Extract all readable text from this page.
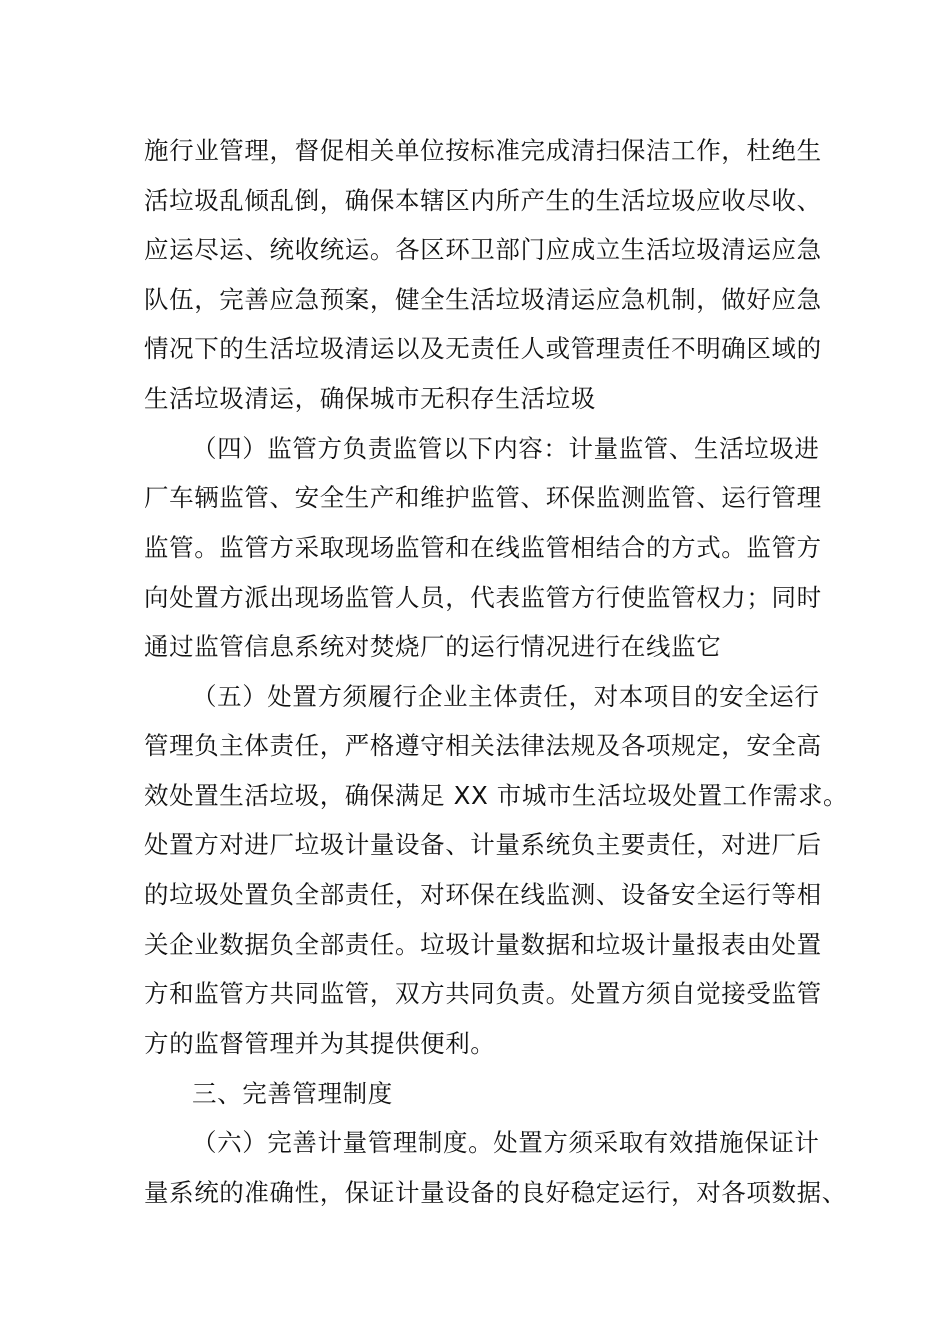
施行业管理，督促相关单位按标准完成清扫保洁工作，杜绝生
活垃圾乱倾乱倒，确保本辖区内所产生的生活垃圾应收尽收、
应运尽运、统收统运。各区环卫部门应成立生活垃圾清运应急
队伍，完善应急预案，健全生活垃圾清运应急机制，做好应急
情况下的生活垃圾清运以及无责任人或管理责任不明确区域的
生活垃圾清运，确保城市无积存生活垃圾
（四）监管方负责监管以下内容：计量监管、生活垃圾进
厂车辆监管、安全生产和维护监管、环保监测监管、运行管理
监管。监管方采取现场监管和在线监管相结合的方式。监管方
向处置方派出现场监管人员，代表监管方行使监管权力；同时
通过监管信息系统对焚烧厂的运行情况进行在线监它
（五）处置方须履行企业主体责任，对本项目的安全运行
管理负主体责任，严格遵守相关法律法规及各项规定，安全高
效处置生活垃圾，确保满足 XX 市城市生活垃圾处置工作需求。
处置方对进厂垃圾计量设备、计量系统负主要责任，对进厂后
的垃圾处置负全部责任，对环保在线监测、设备安全运行等相
关企业数据负全部责任。垃圾计量数据和垃圾计量报表由处置
方和监管方共同监管，双方共同负责。处置方须自觉接受监管
方的监督管理并为其提供便利。
三、完善管理制度
（六）完善计量管理制度。处置方须采取有效措施保证计
量系统的准确性，保证计量设备的良好稳定运行，对各项数据、
